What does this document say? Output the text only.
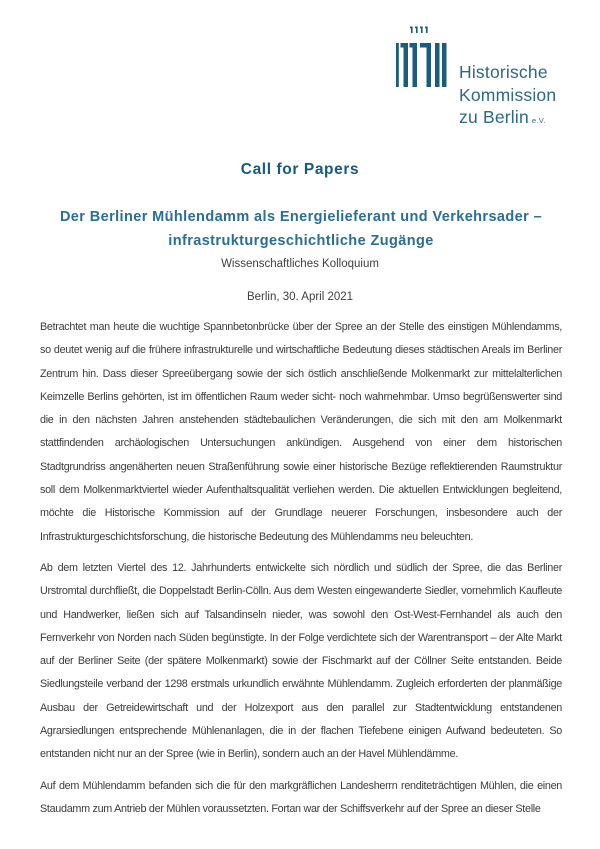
Historische
Kommission
zu Berlin e.V.
Call for Papers
Der Berliner Mühlendamm als Energielieferant und Verkehrsader –
infrastrukturgeschichtliche Zugänge

Wissenschaftliches Kolloquium

Berlin, 30. April 2021

Betrachtet man heute die wuchtige Spannbetonbrücke über der Spree an der Stelle des einstigen Mühlendamms, so deutet wenig auf die frühere infrastrukturelle und wirtschaftliche Bedeutung dieses städtischen Areals im Berliner Zentrum hin. Dass dieser Spreeübergang sowie der sich östlich anschließende Molkenmarkt zur mittelalterlichen Keimzelle Berlins gehörten, ist im öffentlichen Raum weder sicht- noch wahrnehmbar. Umso begrüßenswerter sind die in den nächsten Jahren anstehenden städtebaulichen Veränderungen, die sich mit den am Molkenmarkt stattfindenden archäologischen Untersuchungen ankündigen. Ausgehend von einer dem historischen Stadtgrundriss angenäherten neuen Straßenführung sowie einer historische Bezüge reflektierenden Raumstruktur soll dem Molkenmarktviertel wieder Aufenthaltsqualität verliehen werden. Die aktuellen Entwicklungen begleitend, möchte die Historische Kommission auf der Grundlage neuerer Forschungen, insbesondere auch der Infrastrukturgeschichtsforschung, die historische Bedeutung des Mühlendamms neu beleuchten.

Ab dem letzten Viertel des 12. Jahrhunderts entwickelte sich nördlich und südlich der Spree, die das Berliner Urstromtal durchfließt, die Doppelstadt Berlin-Cölln. Aus dem Westen eingewanderte Siedler, vornehmlich Kaufleute und Handwerker, ließen sich auf Talsandinseln nieder, was sowohl den Ost-West-Fernhandel als auch den Fernverkehr von Norden nach Süden begünstigte. In der Folge verdichtete sich der Warentransport – der Alte Markt auf der Berliner Seite (der spätere Molkenmarkt) sowie der Fischmarkt auf der Cöllner Seite entstanden. Beide Siedlungsteile verband der 1298 erstmals urkundlich erwähnte Mühlendamm. Zugleich erforderten der planmäßige Ausbau der Getreidewirtschaft und der Holzexport aus den parallel zur Stadtentwicklung entstandenen Agrarsiedlungen entsprechende Mühlenanlagen, die in der flachen Tiefebene einigen Aufwand bedeuteten. So entstanden nicht nur an der Spree (wie in Berlin), sondern auch an der Havel Mühlendämme.

Auf dem Mühlendamm befanden sich die für den markgräflichen Landesherrn renditeträchtigen Mühlen, die einen Staudamm zum Antrieb der Mühlen voraussetzten. Fortan war der Schiffsverkehr auf der Spree an dieser Stelle
